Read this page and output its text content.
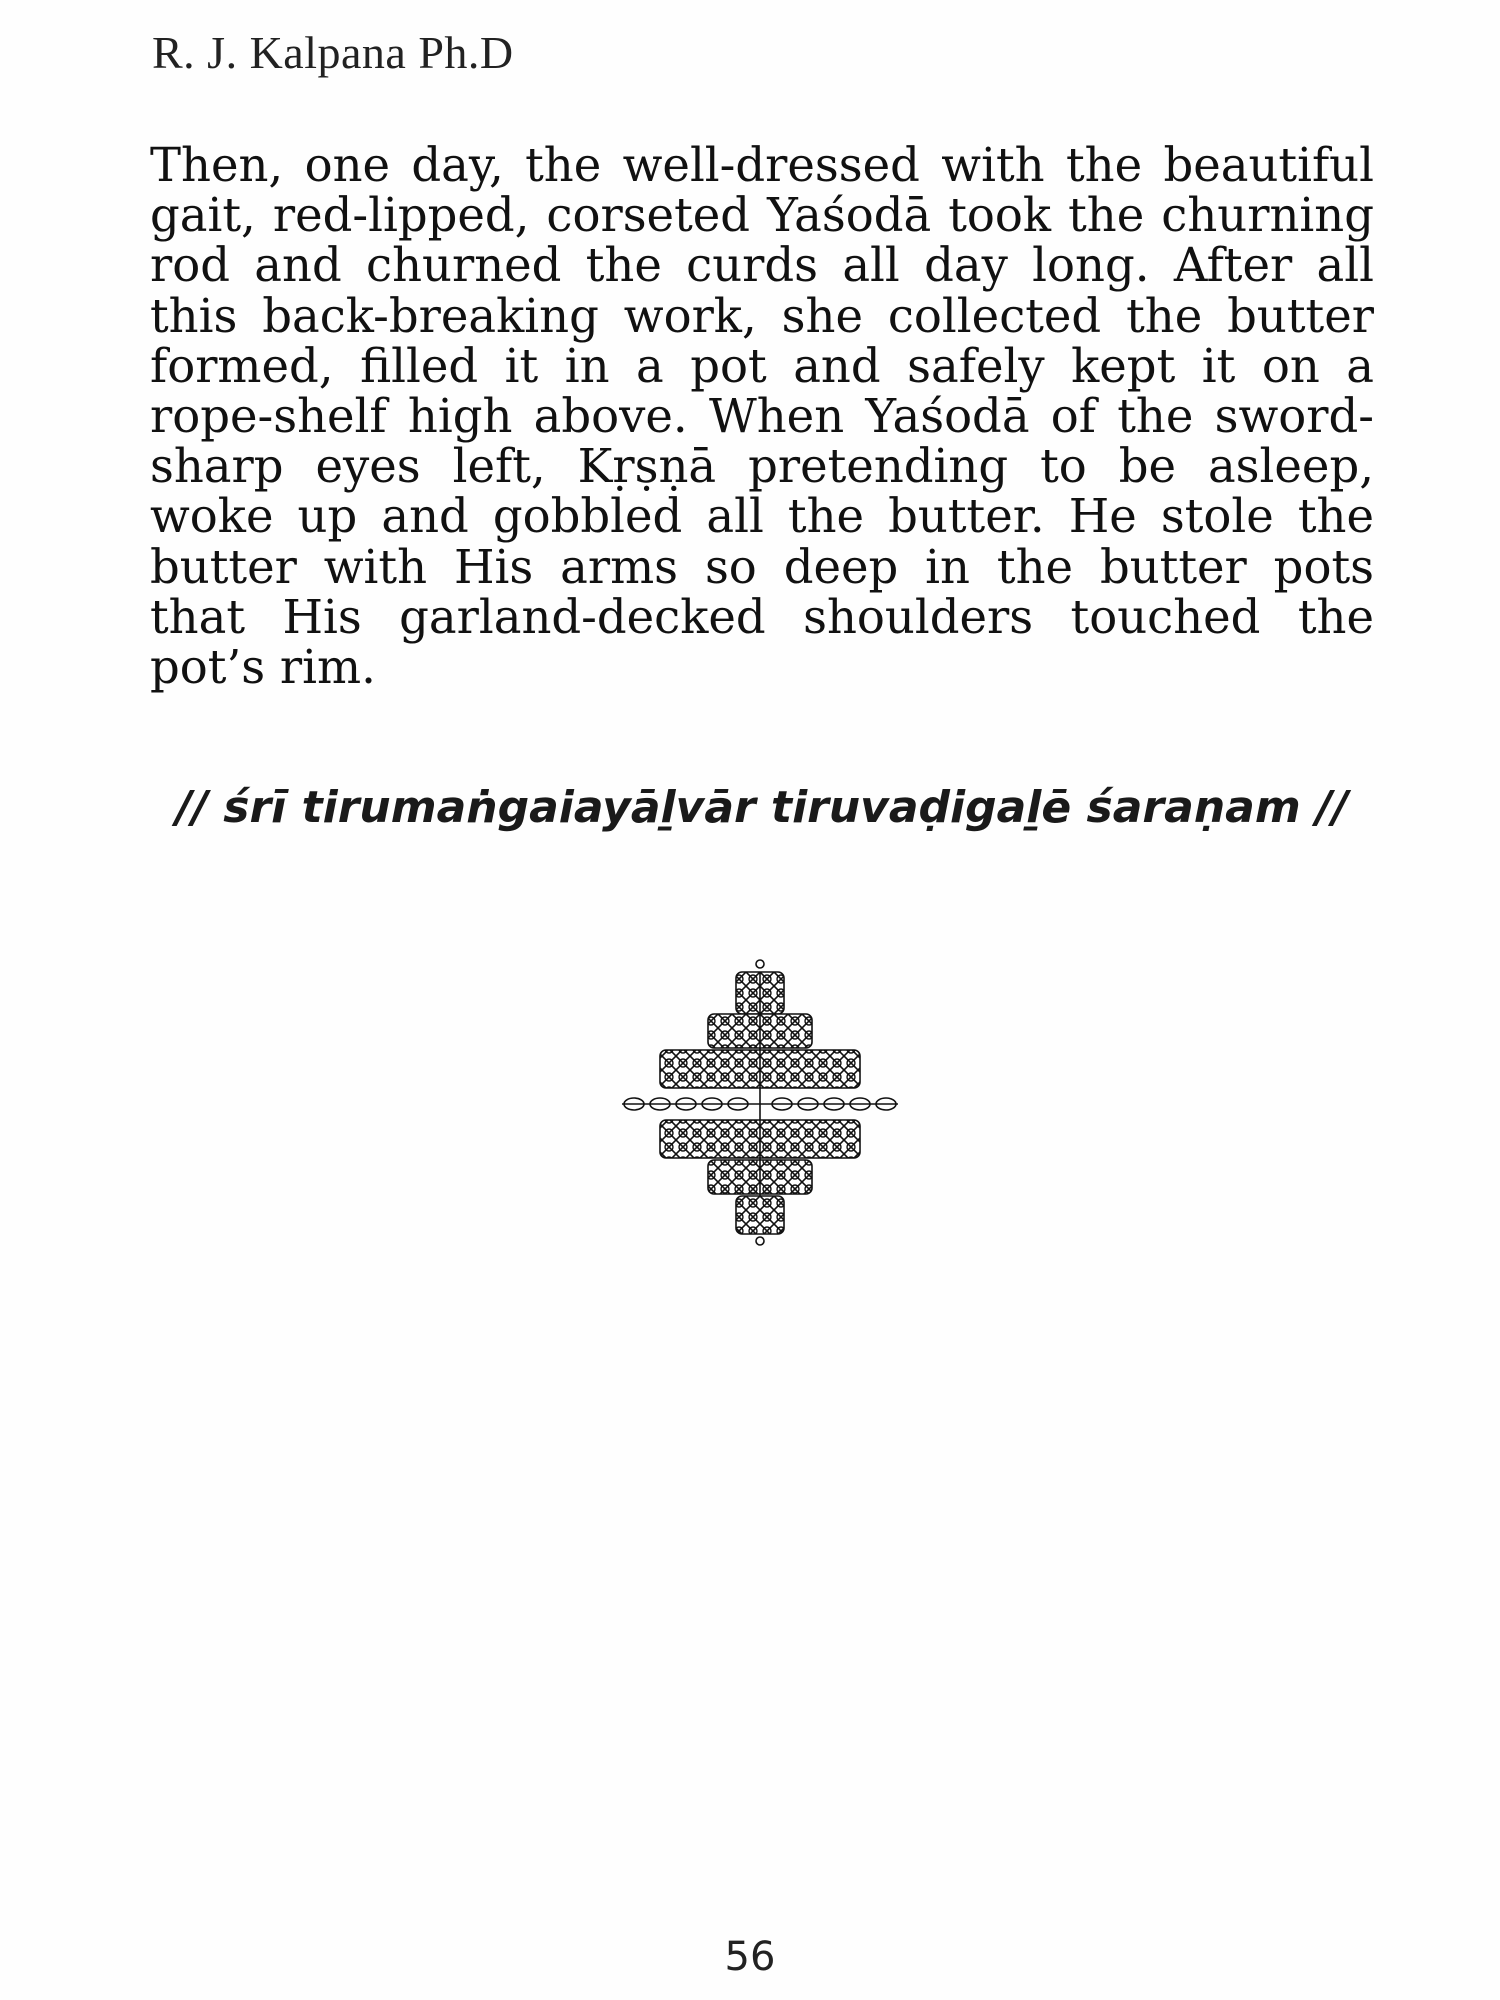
R. J. Kalpana Ph.D
Then, one day, the well-dressed with the beautiful gait, red-lipped, corseted Yaśodā took the churning rod and churned the curds all day long. After all this back-breaking work, she collected the butter formed, filled it in a pot and safely kept it on a rope-shelf high above. When Yaśodā of the sword-sharp eyes left, Kṛṣṇā pretending to be asleep, woke up and gobbled all the butter. He stole the butter with His arms so deep in the butter pots that His garland-decked shoulders touched the pot’s rim.
// śrī tirumaṅgaiayāḻvār tiruvaḍigaḻē śaraṇam //
56
